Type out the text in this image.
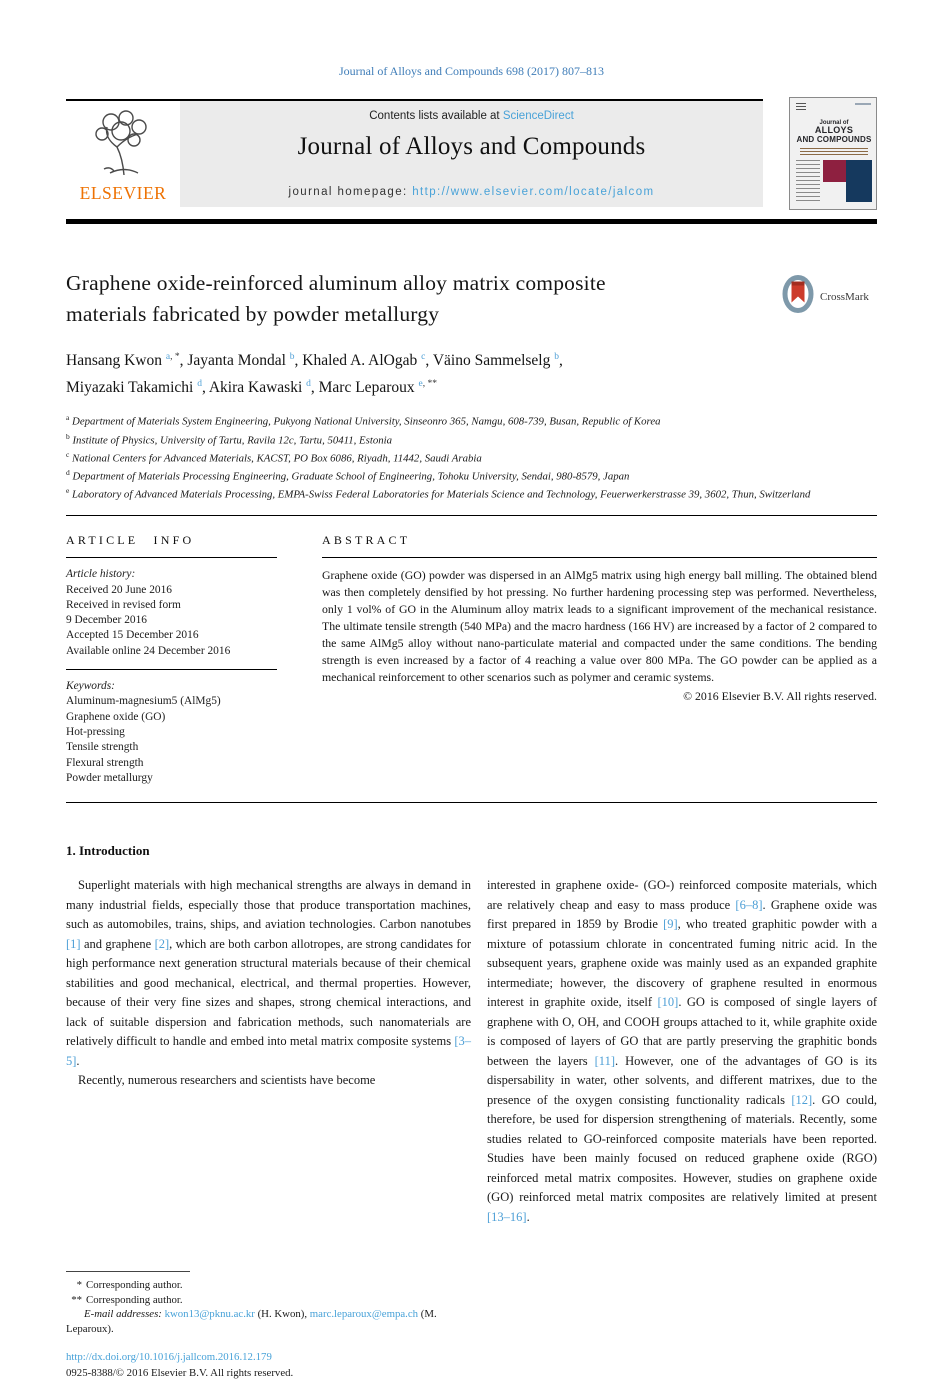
Journal of Alloys and Compounds 698 (2017) 807–813
ELSEVIER
Contents lists available at ScienceDirect
Journal of Alloys and Compounds
journal homepage: http://www.elsevier.com/locate/jalcom
Journal of
ALLOYS
AND COMPOUNDS
Graphene oxide-reinforced aluminum alloy matrix composite
materials fabricated by powder metallurgy
CrossMark
Hansang Kwon $^{a, *}$, Jayanta Mondal $^b$, Khaled A. AlOgab $^c$, Väino Sammelselg $^b$,
Miyazaki Takamichi $^d$, Akira Kawaski $^d$, Marc Leparoux $^{e, **}$
$^a$ Department of Materials System Engineering, Pukyong National University, Sinseonro 365, Namgu, 608-739, Busan, Republic of Korea
$^b$ Institute of Physics, University of Tartu, Ravila 12c, Tartu, 50411, Estonia
$^c$ National Centers for Advanced Materials, KACST, PO Box 6086, Riyadh, 11442, Saudi Arabia
$^d$ Department of Materials Processing Engineering, Graduate School of Engineering, Tohoku University, Sendai, 980-8579, Japan
$^e$ Laboratory of Advanced Materials Processing, EMPA-Swiss Federal Laboratories for Materials Science and Technology, Feuerwerkerstrasse 39, 3602, Thun, Switzerland
ARTICLE INFO
Article history:
Received 20 June 2016
Received in revised form
9 December 2016
Accepted 15 December 2016
Available online 24 December 2016
Keywords:
Aluminum-magnesium5 (AlMg5)
Graphene oxide (GO)
Hot-pressing
Tensile strength
Flexural strength
Powder metallurgy
ABSTRACT
Graphene oxide (GO) powder was dispersed in an AlMg5 matrix using high energy ball milling. The obtained blend was then completely densified by hot pressing. No further hardening processing step was performed. Nevertheless, only 1 vol% of GO in the Aluminum alloy matrix leads to a significant improvement of the mechanical resistance. The ultimate tensile strength (540 MPa) and the macro hardness (166 HV) are increased by a factor of 2 compared to the same AlMg5 alloy without nano-particulate material and compacted under the same conditions. The bending strength is even increased by a factor of 4 reaching a value over 800 MPa. The GO powder can be applied as a mechanical reinforcement to other scenarios such as polymer and ceramic systems.
© 2016 Elsevier B.V. All rights reserved.
1. Introduction

Superlight materials with high mechanical strengths are always in demand in many industrial fields, especially those that produce transportation machines, such as automobiles, trains, ships, and aviation technologies. Carbon nanotubes [1] and graphene [2], which are both carbon allotropes, are strong candidates for high performance next generation structural materials because of their chemical stabilities and good mechanical, electrical, and thermal properties. However, because of their very fine sizes and shapes, strong chemical interactions, and lack of suitable dispersion and fabrication methods, such nanomaterials are relatively difficult to handle and embed into metal matrix composite systems [3–5].

Recently, numerous researchers and scientists have become

interested in graphene oxide- (GO-) reinforced composite materials, which are relatively cheap and easy to mass produce [6–8]. Graphene oxide was first prepared in 1859 by Brodie [9], who treated graphitic powder with a mixture of potassium chlorate in concentrated fuming nitric acid. In the subsequent years, graphene oxide was mainly used as an expanded graphite intermediate; however, the discovery of graphene resulted in enormous interest in graphite oxide, itself [10]. GO is composed of single layers of graphene with O, OH, and COOH groups attached to it, while graphite oxide is composed of layers of GO that are partly preserving the graphitic bonds between the layers [11]. However, one of the advantages of GO is its dispersability in water, other solvents, and different matrixes, due to the presence of the oxygen consisting functionality radicals [12]. GO could, therefore, be used for dispersion strengthening of materials. Recently, some studies related to GO-reinforced composite materials have been reported. Studies have been mainly focused on reduced graphene oxide (RGO) reinforced metal matrix composites. However, studies on graphene oxide (GO) reinforced metal matrix composites are relatively limited at present [13–16].

* Corresponding author.
** Corresponding author.
E-mail addresses: kwon13@pknu.ac.kr (H. Kwon), marc.leparoux@empa.ch (M. Leparoux).
http://dx.doi.org/10.1016/j.jallcom.2016.12.179
0925-8388/© 2016 Elsevier B.V. All rights reserved.
